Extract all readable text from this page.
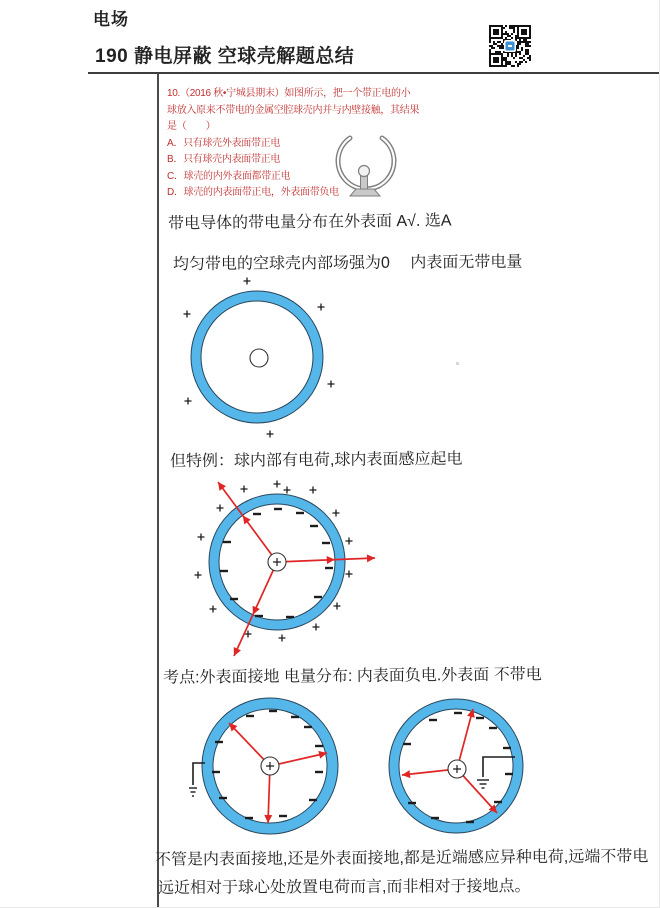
电场
190 静电屏蔽 空球壳解题总结
10.（2016 秋•宁城县期末）如图所示，把一个带正电的小
球放入原来不带电的金属空腔球壳内并与内壁接触，其结果
是（　　）
A．只有球壳外表面带正电
B．只有球壳内表面带正电
C．球壳的内外表面都带正电
D．球壳的内表面带正电，外表面带负电
带电导体的带电量分布在外表面 A√. 选A
均匀带电的空球壳内部场强为0　 内表面无带电量
但特例：球内部有电荷,球内表面感应起电
考点:外表面接地 电量分布: 内表面负电.外表面 不带电
不管是内表面接地,还是外表面接地,都是近端感应异种电荷,远端不带电
远近相对于球心处放置电荷而言,而非相对于接地点。
